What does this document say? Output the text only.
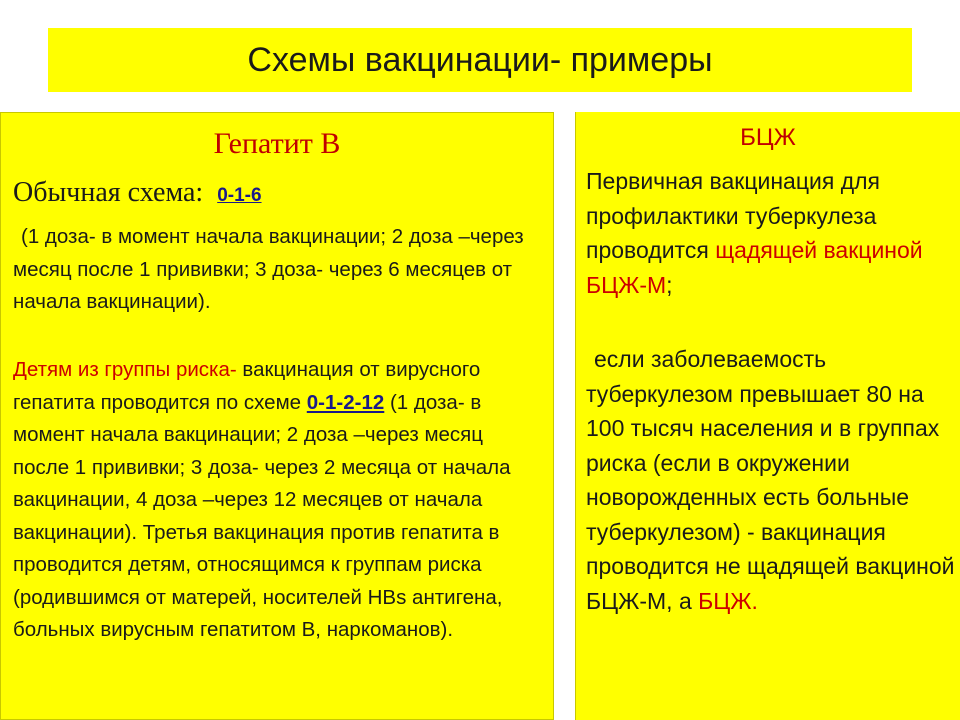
Схемы вакцинации- примеры
Гепатит В
Обычная схема: 0-1-6

(1 доза- в момент начала вакцинации; 2 доза –через месяц после 1 прививки; 3 доза- через 6 месяцев от начала вакцинации).

Детям из группы риска- вакцинация от вирусного гепатита проводится по схеме 0-1-2-12 (1 доза- в момент начала вакцинации; 2 доза –через месяц после 1 прививки; 3 доза- через 2 месяца от начала вакцинации, 4 доза –через 12 месяцев от начала вакцинации). Третья вакцинация против гепатита в проводится детям, относящимся к группам риска (родившимся от матерей, носителей HBs антигена, больных вирусным гепатитом В, наркоманов).

БЦЖ

Первичная вакцинация для профилактики туберкулеза проводится щадящей вакциной БЦЖ-М;

если заболеваемость туберкулезом превышает 80 на 100 тысяч населения и в группах риска (если в окружении новорожденных есть больные туберкулезом) - вакцинация проводится не щадящей вакциной БЦЖ-М, а БЦЖ.
